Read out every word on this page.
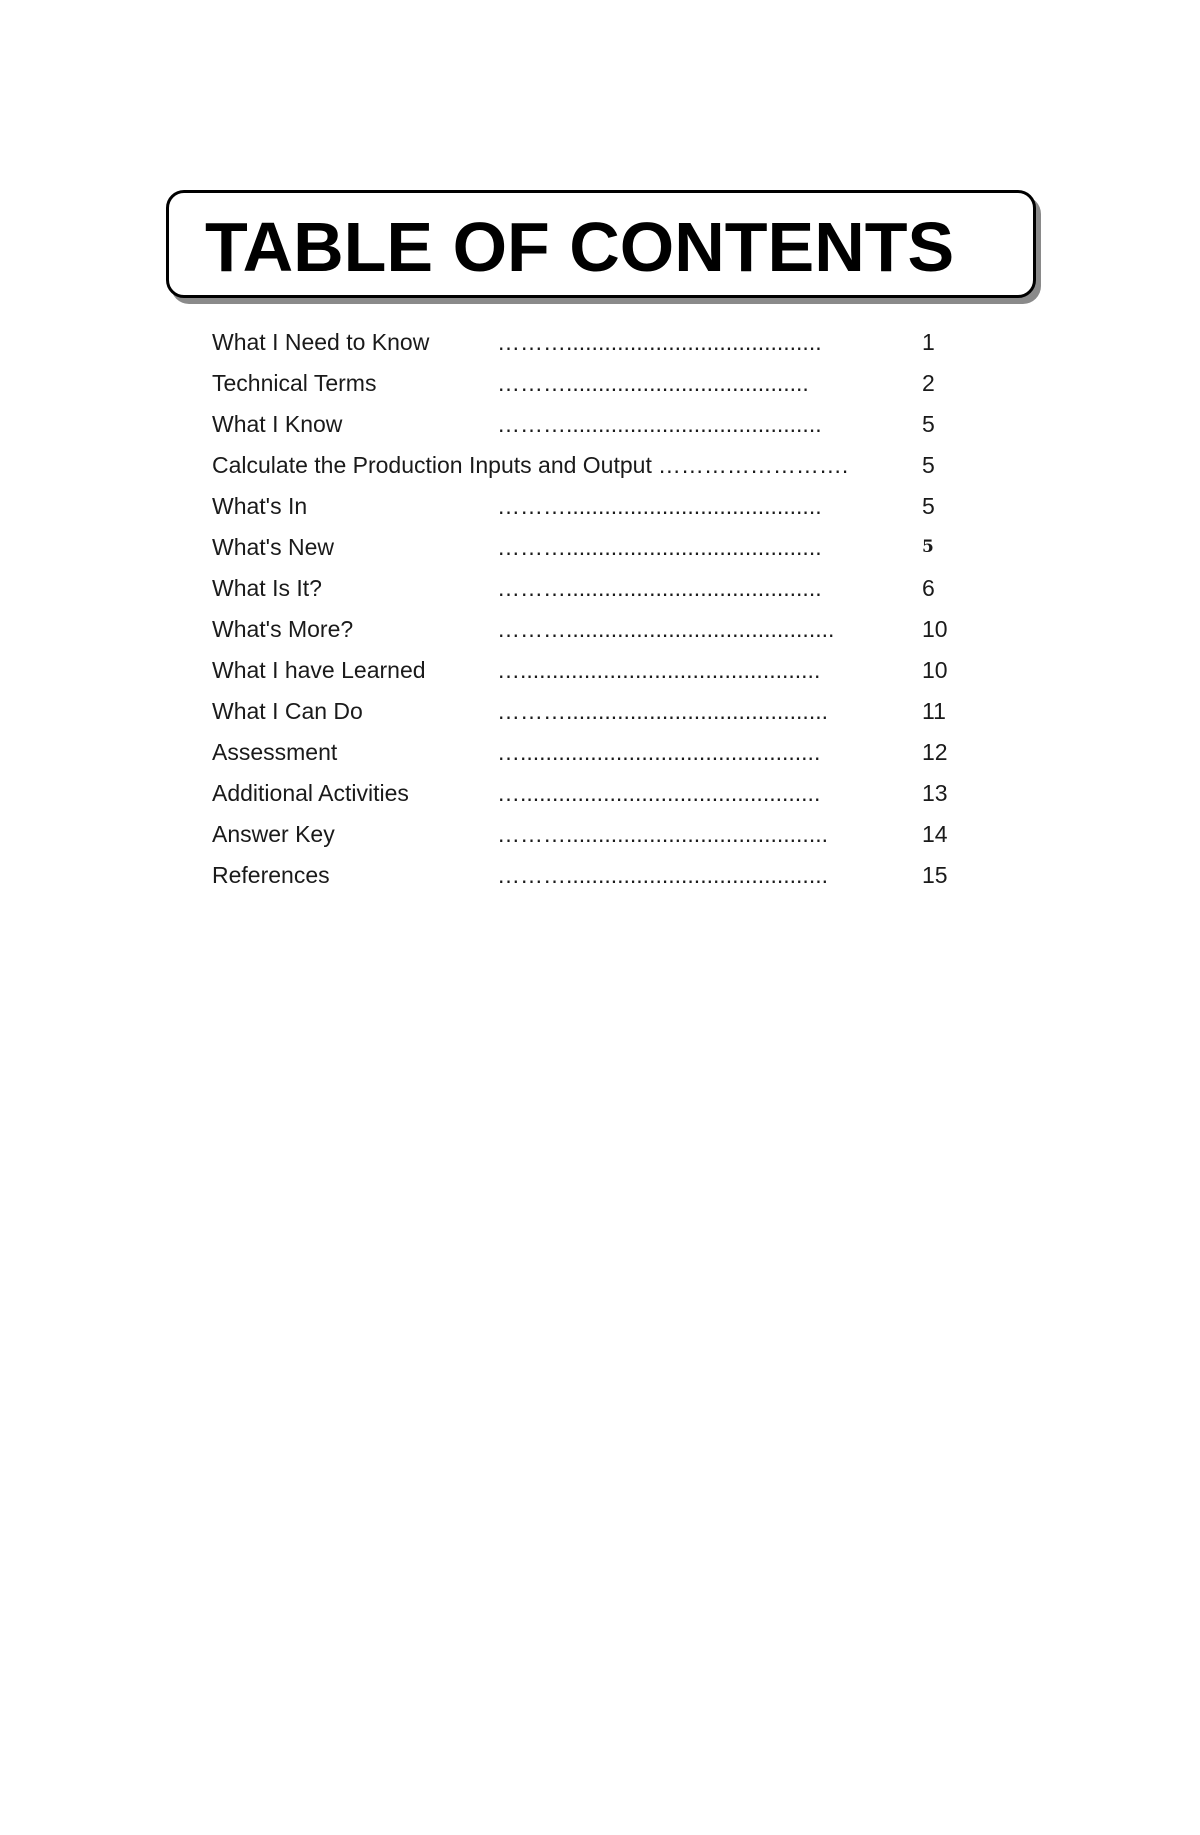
TABLE OF CONTENTS
What I Need to Know	………........................................	1
Technical Terms	………......................................	2
What I Know	………........................................	5
Calculate the Production Inputs and Output …………………….	5
What's In	………........................................	5
What's New	………........................................	5
What Is It?	………........................................	6
What's More?	………..........................................	10
What I have Learned	…...............................................	10
What I Can Do	……….........................................	11
Assessment	…...............................................	12
Additional Activities	…...............................................	13
Answer Key	……….........................................	14
References	……….........................................	15
